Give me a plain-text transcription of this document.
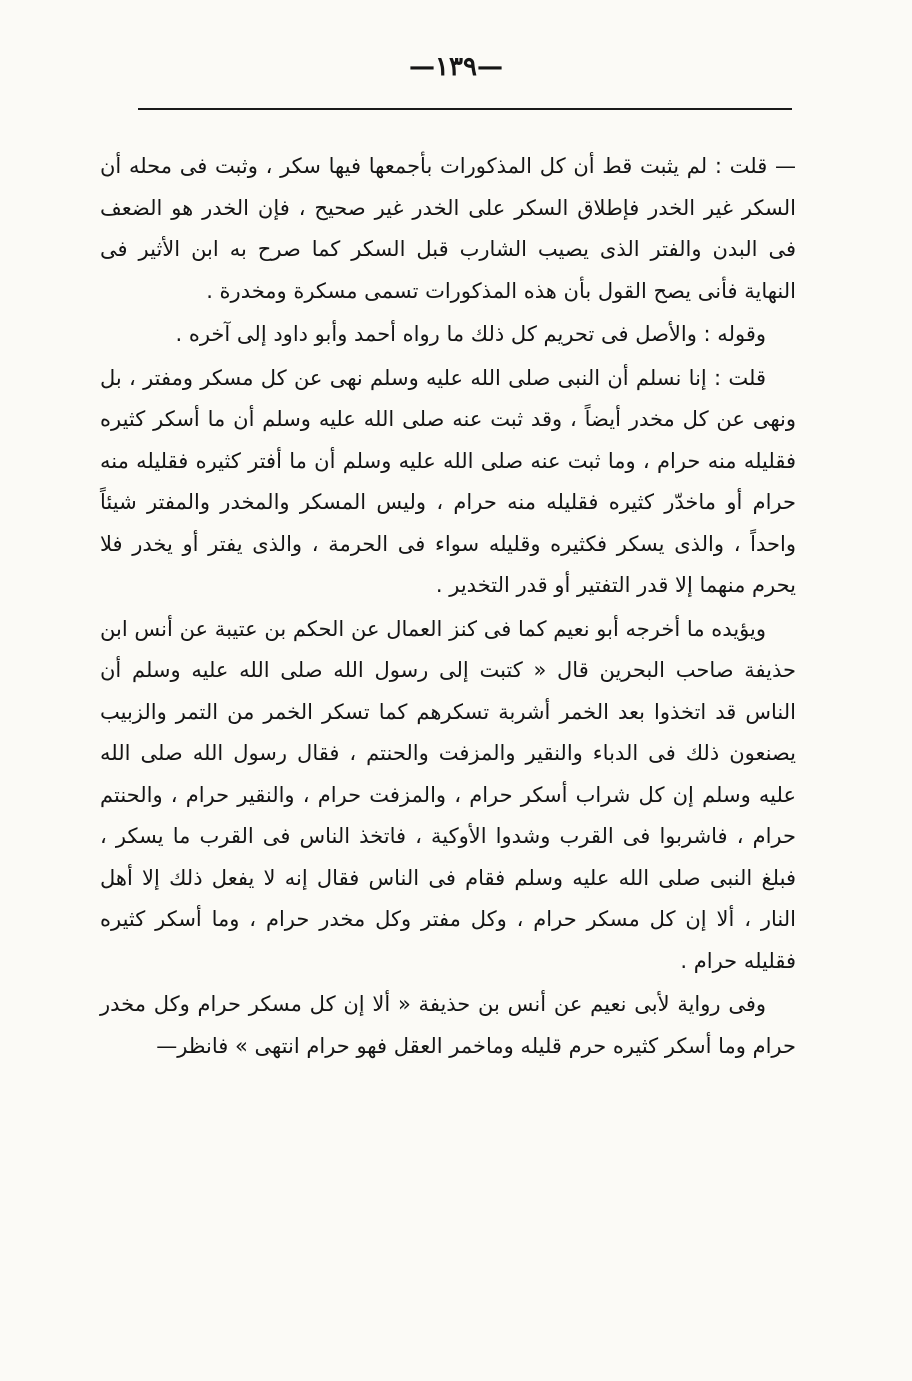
—١٣٩—

— قلت : لم يثبت قط أن كل المذكورات بأجمعها فيها سكر ، وثبت فى محله أن السكر غير الخدر فإطلاق السكر على الخدر غير صحيح ، فإن الخدر هو الضعف فى البدن والفتر الذى يصيب الشارب قبل السكر كما صرح به ابن الأثير فى النهاية فأنى يصح القول بأن هذه المذكورات تسمى مسكرة ومخدرة .

وقوله : والأصل فى تحريم كل ذلك ما رواه أحمد وأبو داود إلى آخره .

قلت : إنا نسلم أن النبى صلى الله عليه وسلم نهى عن كل مسكر ومفتر ، بل ونهى عن كل مخدر أيضاً ، وقد ثبت عنه صلى الله عليه وسلم أن ما أسكر كثيره فقليله منه حرام ، وما ثبت عنه صلى الله عليه وسلم أن ما أفتر كثيره فقليله منه حرام أو ماخدّر كثيره فقليله منه حرام ، وليس المسكر والمخدر والمفتر شيئاً واحداً ، والذى يسكر فكثيره وقليله سواء فى الحرمة ، والذى يفتر أو يخدر فلا يحرم منهما إلا قدر التفتير أو قدر التخدير .

ويؤيده ما أخرجه أبو نعيم كما فى كنز العمال عن الحكم بن عتيبة عن أنس ابن حذيفة صاحب البحرين قال « كتبت إلى رسول الله صلى الله عليه وسلم أن الناس قد اتخذوا بعد الخمر أشربة تسكرهم كما تسكر الخمر من التمر والزبيب يصنعون ذلك فى الدباء والنقير والمزفت والحنتم ، فقال رسول الله صلى الله عليه وسلم إن كل شراب أسكر حرام ، والمزفت حرام ، والنقير حرام ، والحنتم حرام ، فاشربوا فى القرب وشدوا الأوكية ، فاتخذ الناس فى القرب ما يسكر ، فبلغ النبى صلى الله عليه وسلم فقام فى الناس فقال إنه لا يفعل ذلك إلا أهل النار ، ألا إن كل مسكر حرام ، وكل مفتر وكل مخدر حرام ، وما أسكر كثيره فقليله حرام .

وفى رواية لأبى نعيم عن أنس بن حذيفة « ألا إن كل مسكر حرام وكل مخدر حرام وما أسكر كثيره حرم قليله وماخمر العقل فهو حرام انتهى » فانظر—
